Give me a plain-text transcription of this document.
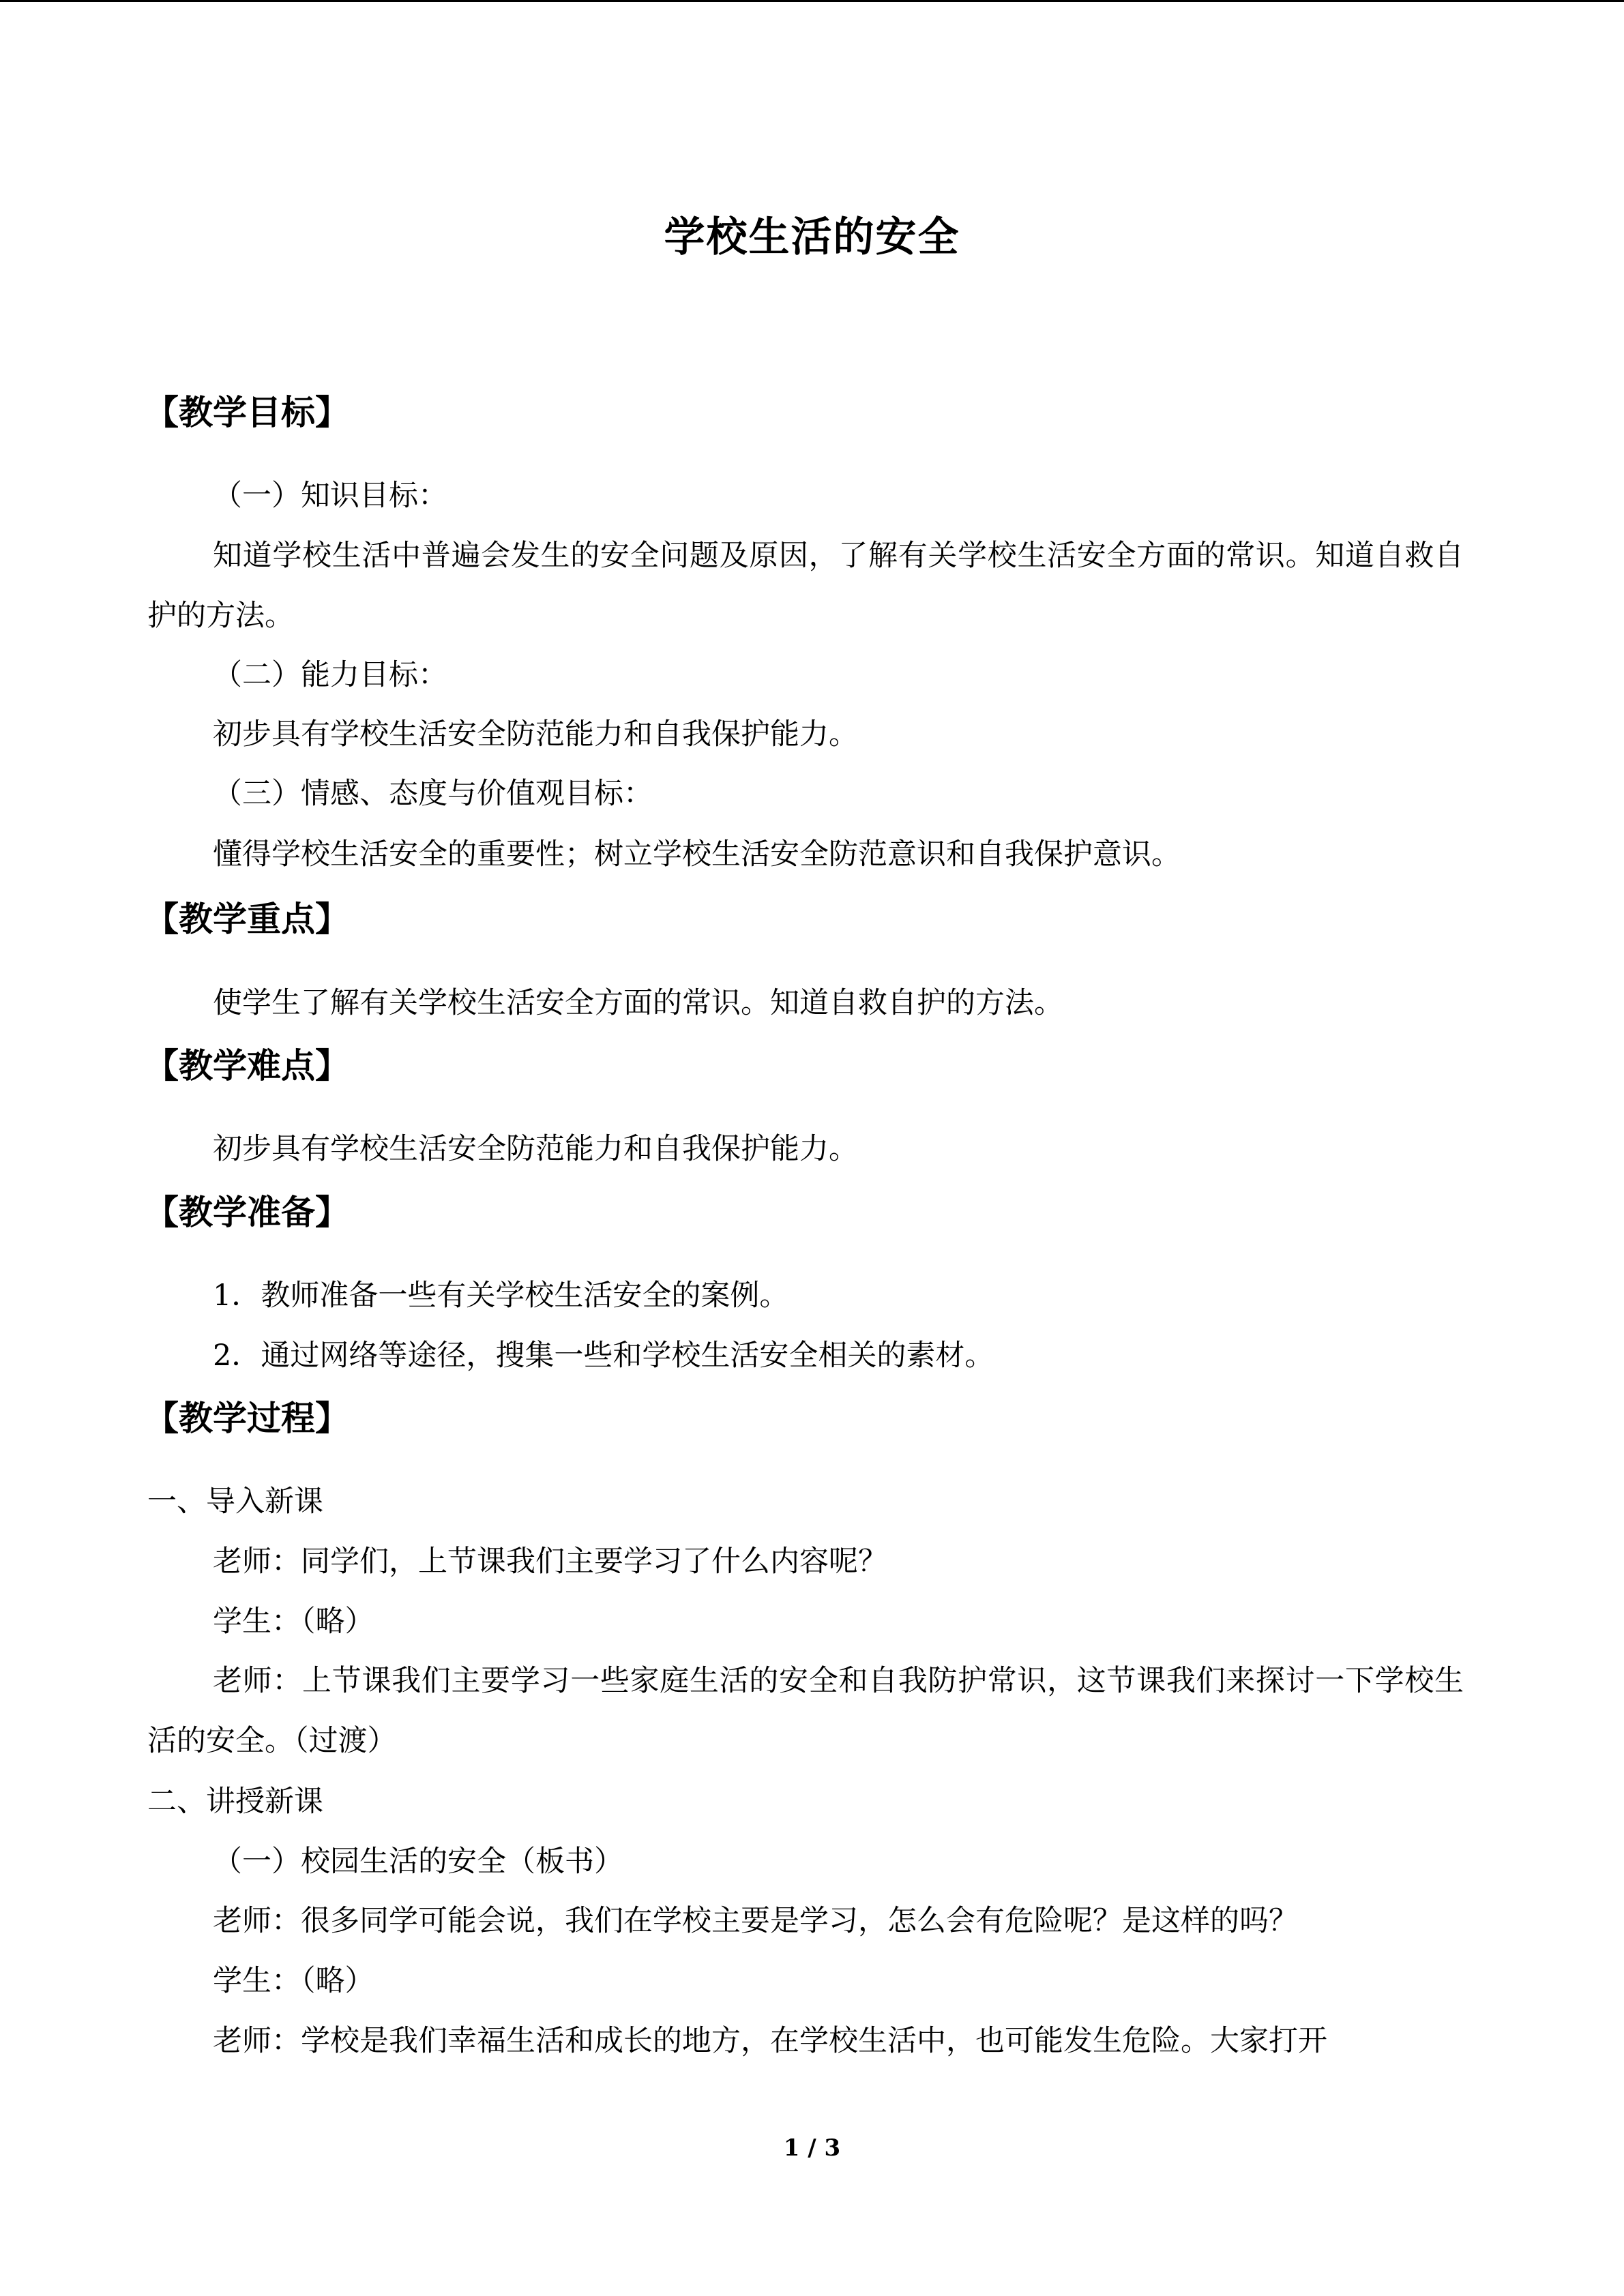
学校生活的安全
【教学目标】
（一）知识目标：
知道学校生活中普遍会发生的安全问题及原因，了解有关学校生活安全方面的常识。知道自救自护的方法。
（二）能力目标：
初步具有学校生活安全防范能力和自我保护能力。
（三）情感、态度与价值观目标：
懂得学校生活安全的重要性；树立学校生活安全防范意识和自我保护意识。
【教学重点】
使学生了解有关学校生活安全方面的常识。知道自救自护的方法。
【教学难点】
初步具有学校生活安全防范能力和自我保护能力。
【教学准备】
1．教师准备一些有关学校生活安全的案例。
2．通过网络等途径，搜集一些和学校生活安全相关的素材。
【教学过程】
一、导入新课
老师：同学们，上节课我们主要学习了什么内容呢？
学生：（略）
老师：上节课我们主要学习一些家庭生活的安全和自我防护常识，这节课我们来探讨一下学校生活的安全。（过渡）
二、讲授新课
（一）校园生活的安全（板书）
老师：很多同学可能会说，我们在学校主要是学习，怎么会有危险呢？是这样的吗？
学生：（略）
老师：学校是我们幸福生活和成长的地方，在学校生活中，也可能发生危险。大家打开
1 / 3
